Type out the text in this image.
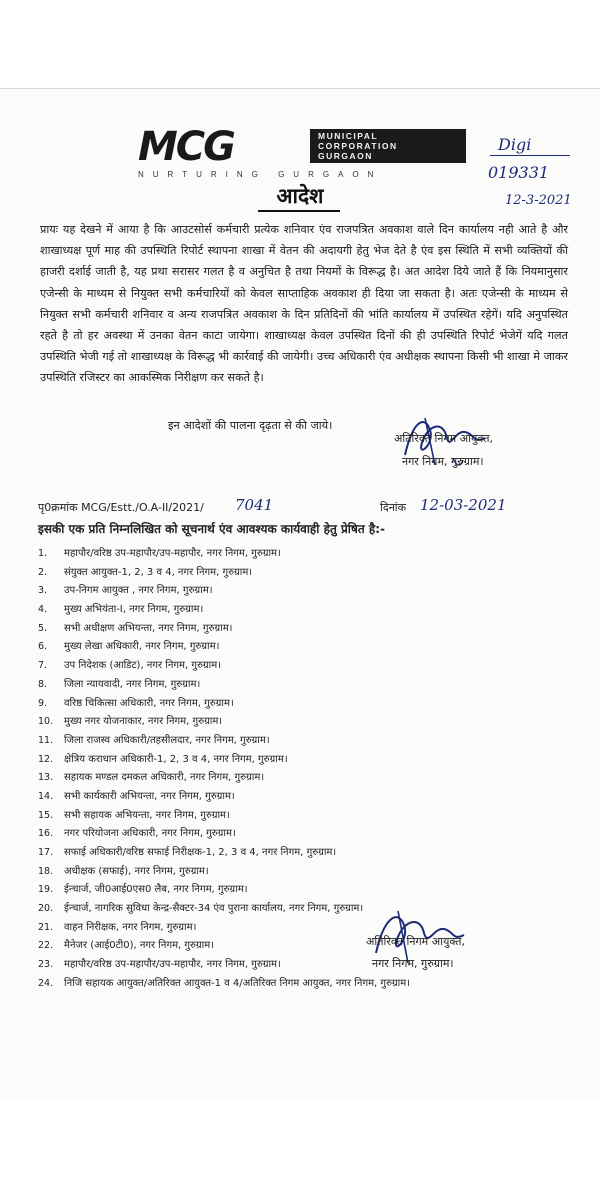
MCG	MUNICIPAL
CORPORATION
GURGAON
NURTURING GURGAON
Digi
019331
12-3-2021
आदेश

प्रायः यह देखने में आया है कि आउटसोर्स कर्मचारी प्रत्येक शनिवार एंव राजपत्रित अवकाश वाले दिन कार्यालय नही आते है और शाखाध्यक्ष पूर्ण माह की उपस्थिति रिपोर्ट स्थापना शाखा में वेतन की अदायगी हेतु भेज देते है एंव इस स्थिति में सभी व्यक्तियों की हाजरी दर्शाई जाती है, यह प्रथा सरासर गलत है व अनुचित है तथा नियमों के विरूद्ध है। अत आदेश दिये जाते हैं कि नियमानुसार एजेन्सी के माध्यम से नियुक्त सभी कर्मचारियों को केवल साप्ताहिक अवकाश ही दिया जा सकता है। अतः एजेन्सी के माध्यम से नियुक्त सभी कर्मचारी शनिवार व अन्य राजपत्रित अवकाश के दिन प्रतिदिनों की भांति कार्यालय में उपस्थित रहेगें। यदि अनुपस्थित रहते है तो हर अवस्था में उनका वेतन काटा जायेगा। शाखाध्यक्ष केवल उपस्थित दिनों की ही उपस्थिति रिपोर्ट भेजेगें यदि गलत उपस्थिति भेजी गई तो शाखाध्यक्ष के विरूद्ध भी कार्रवाई की जायेगी। उच्च अधिकारी एंव अधीक्षक स्थापना किसी भी शाखा मे जाकर उपस्थिति रजिस्टर का आकस्मिक निरीक्षण कर सकते है।

इन आदेशों की पालना दृढ़ता से की जाये।
अतिरिक्त निगम आयुक्त,
नगर निगम, गुरुग्राम।
पृ0क्रमांक MCG/Estt./O.A-II/2021/ 7041	दिनांक 12-03-2021
इसकी एक प्रति निम्नलिखित को सूचनार्थ एंव आवश्यक कार्यवाही हेतु प्रेषित है:-
1.	महापौर/वरिष्ठ उप-महापौर/उप-महापौर, नगर निगम, गुरुग्राम।
2.	संयुक्त आयुक्त-1, 2, 3 व 4, नगर निगम, गुरुग्राम।
3.	उप-निगम आयुक्त , नगर निगम, गुरुग्राम।
4.	मुख्य अभियंता-I, नगर निगम, गुरुग्राम।
5.	सभी अधीक्षण अभियन्ता, नगर निगम, गुरुग्राम।
6.	मुख्य लेखा अधिकारी, नगर निगम, गुरुग्राम।
7.	उप निदेशक (आडिट), नगर निगम, गुरुग्राम।
8.	जिला न्यायवादी, नगर निगम, गुरुग्राम।
9.	वरिष्ठ चिकित्सा अधिकारी, नगर निगम, गुरुग्राम।
10.	मुख्य नगर योजनाकार, नगर निगम, गुरुग्राम।
11.	जिला राजस्व अधिकारी/तहसीलदार, नगर निगम, गुरुग्राम।
12.	क्षेत्रिय कराधान अधिकारी-1, 2, 3 व 4, नगर निगम, गुरुग्राम।
13.	सहायक मण्डल दमकल अधिकारी, नगर निगम, गुरुग्राम।
14.	सभी कार्यकारी अभियन्ता, नगर निगम, गुरुग्राम।
15.	सभी सहायक अभियन्ता, नगर निगम, गुरुग्राम।
16.	नगर परियोजना अधिकारी, नगर निगम, गुरुग्राम।
17.	सफाई अधिकारी/वरिष्ठ सफाई निरीक्षक-1, 2, 3 व 4, नगर निगम, गुरुग्राम।
18.	अधीक्षक (सफाई), नगर निगम, गुरुग्राम।
19.	ईन्चार्ज, जी0आई0एस0 लैब, नगर निगम, गुरुग्राम।
20.	ईन्चार्ज, नागरिक सुविधा केन्द्र-सैक्टर-34 एंव पुराना कार्यालय, नगर निगम, गुरुग्राम।
21.	वाहन निरीक्षक, नगर निगम, गुरुग्राम।
22.	मैनेजर (आई0टी0), नगर निगम, गुरुग्राम।
23.	महापौर/वरिष्ठ उप-महापौर/उप-महापौर, नगर निगम, गुरुग्राम।
24.	निजि सहायक आयुक्त/अतिरिक्त आयुक्त-1 व 4/अतिरिक्त निगम आयुक्त, नगर निगम, गुरुग्राम।
अतिरिक्त निगम आयुक्त,
नगर निगम, गुरुग्राम।
